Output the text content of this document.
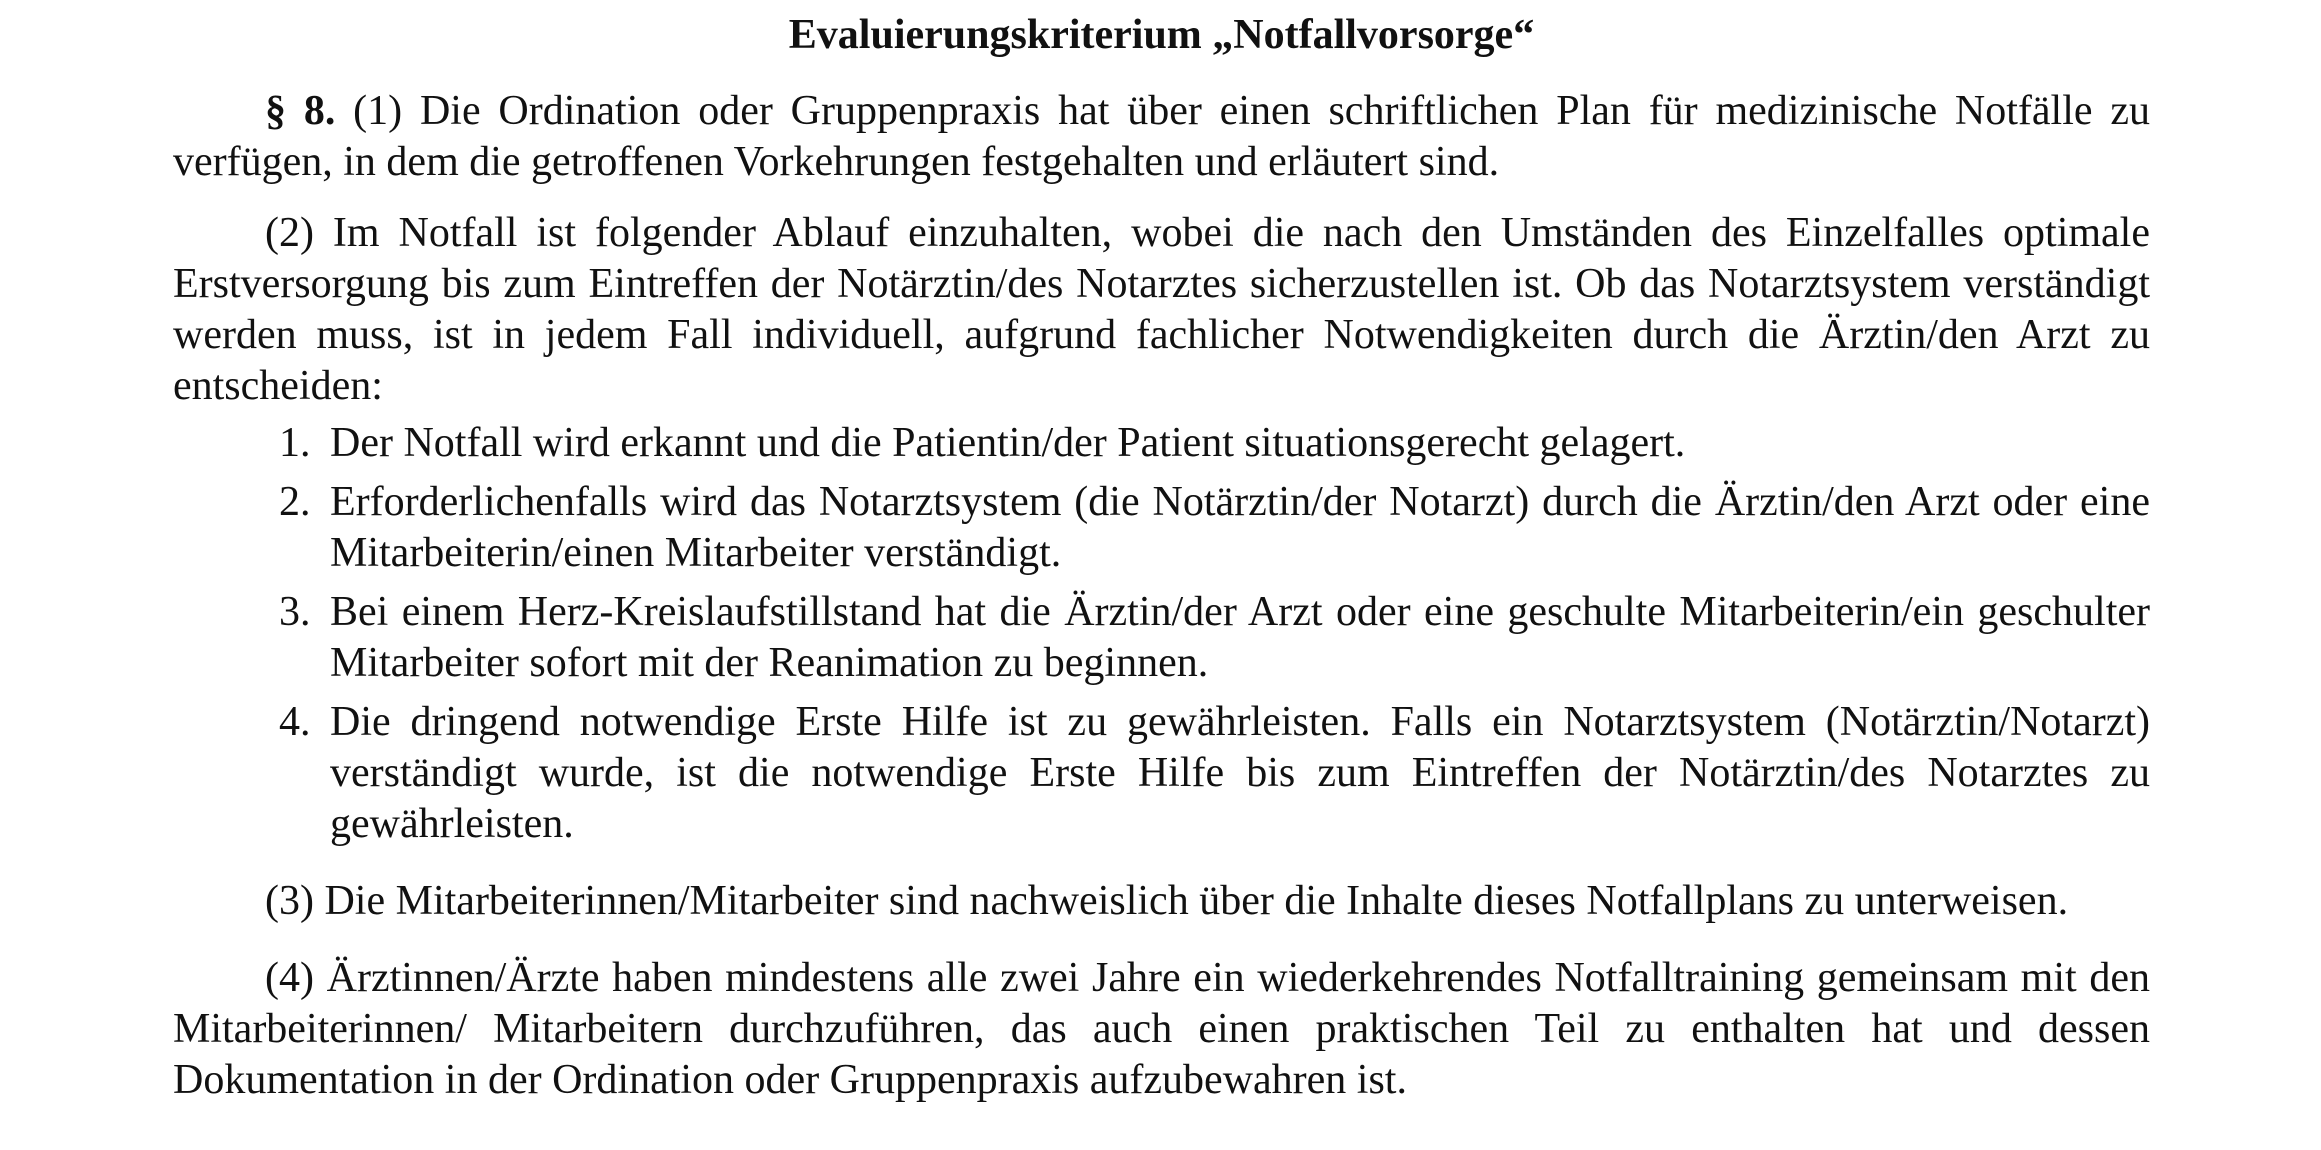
Evaluierungskriterium „Notfallvorsorge“

§ 8. (1) Die Ordination oder Gruppenpraxis hat über einen schriftlichen Plan für medizinische Notfälle zu verfügen, in dem die getroffenen Vorkehrungen festgehalten und erläutert sind.

(2) Im Notfall ist folgender Ablauf einzuhalten, wobei die nach den Umständen des Einzelfalles optimale Erstversorgung bis zum Eintreffen der Notärztin/des Notarztes sicherzustellen ist. Ob das Notarztsystem verständigt werden muss, ist in jedem Fall individuell, aufgrund fachlicher Notwendigkeiten durch die Ärztin/den Arzt zu entscheiden:

1. Der Notfall wird erkannt und die Patientin/der Patient situationsgerecht gelagert.
2. Erforderlichenfalls wird das Notarztsystem (die Notärztin/der Notarzt) durch die Ärztin/den Arzt oder eine Mitarbeiterin/einen Mitarbeiter verständigt.
3. Bei einem Herz-Kreislaufstillstand hat die Ärztin/der Arzt oder eine geschulte Mitarbeiterin/ein geschulter Mitarbeiter sofort mit der Reanimation zu beginnen.
4. Die dringend notwendige Erste Hilfe ist zu gewährleisten. Falls ein Notarztsystem (Notärztin/Notarzt) verständigt wurde, ist die notwendige Erste Hilfe bis zum Eintreffen der Notärztin/des Notarztes zu gewährleisten.

(3) Die Mitarbeiterinnen/Mitarbeiter sind nachweislich über die Inhalte dieses Notfallplans zu unterweisen.

(4) Ärztinnen/Ärzte haben mindestens alle zwei Jahre ein wiederkehrendes Notfalltraining gemeinsam mit den Mitarbeiterinnen/ Mitarbeitern durchzuführen, das auch einen praktischen Teil zu enthalten hat und dessen Dokumentation in der Ordination oder Gruppenpraxis aufzubewahren ist.
